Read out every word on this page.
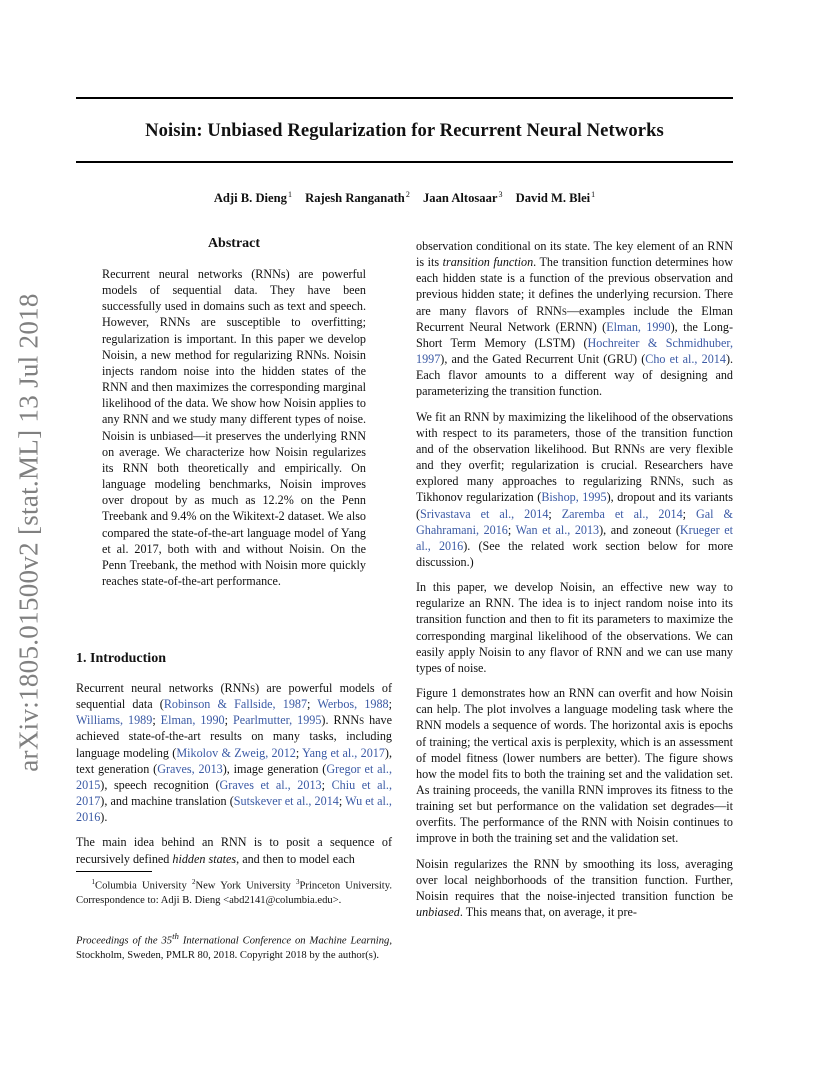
arXiv:1805.01500v2 [stat.ML] 13 Jul 2018
Noisin: Unbiased Regularization for Recurrent Neural Networks
Adji B. Dieng$^1$ Rajesh Ranganath$^2$ Jaan Altosaar$^3$ David M. Blei$^1$
Abstract
Recurrent neural networks (RNNs) are powerful models of sequential data. They have been successfully used in domains such as text and speech. However, RNNs are susceptible to overfitting; regularization is important. In this paper we develop Noisin, a new method for regularizing RNNs. Noisin injects random noise into the hidden states of the RNN and then maximizes the corresponding marginal likelihood of the data. We show how Noisin applies to any RNN and we study many different types of noise. Noisin is unbiased—it preserves the underlying RNN on average. We characterize how Noisin regularizes its RNN both theoretically and empirically. On language modeling benchmarks, Noisin improves over dropout by as much as 12.2% on the Penn Treebank and 9.4% on the Wikitext-2 dataset. We also compared the state-of-the-art language model of Yang et al. 2017, both with and without Noisin. On the Penn Treebank, the method with Noisin more quickly reaches state-of-the-art performance.
1. Introduction

Recurrent neural networks (RNNs) are powerful models of sequential data (Robinson & Fallside, 1987; Werbos, 1988; Williams, 1989; Elman, 1990; Pearlmutter, 1995). RNNs have achieved state-of-the-art results on many tasks, including language modeling (Mikolov & Zweig, 2012; Yang et al., 2017), text generation (Graves, 2013), image generation (Gregor et al., 2015), speech recognition (Graves et al., 2013; Chiu et al., 2017), and machine translation (Sutskever et al., 2014; Wu et al., 2016).

The main idea behind an RNN is to posit a sequence of recursively defined hidden states, and then to model each

$^1$Columbia University $^2$New York University $^3$Princeton University. Correspondence to: Adji B. Dieng <abd2141@columbia.edu>.
Proceedings of the 35th International Conference on Machine Learning, Stockholm, Sweden, PMLR 80, 2018. Copyright 2018 by the author(s).

observation conditional on its state. The key element of an RNN is its transition function. The transition function determines how each hidden state is a function of the previous observation and previous hidden state; it defines the underlying recursion. There are many flavors of RNNs—examples include the Elman Recurrent Neural Network (ERNN) (Elman, 1990), the Long-Short Term Memory (LSTM) (Hochreiter & Schmidhuber, 1997), and the Gated Recurrent Unit (GRU) (Cho et al., 2014). Each flavor amounts to a different way of designing and parameterizing the transition function.

We fit an RNN by maximizing the likelihood of the observations with respect to its parameters, those of the transition function and of the observation likelihood. But RNNs are very flexible and they overfit; regularization is crucial. Researchers have explored many approaches to regularizing RNNs, such as Tikhonov regularization (Bishop, 1995), dropout and its variants (Srivastava et al., 2014; Zaremba et al., 2014; Gal & Ghahramani, 2016; Wan et al., 2013), and zoneout (Krueger et al., 2016). (See the related work section below for more discussion.)

In this paper, we develop Noisin, an effective new way to regularize an RNN. The idea is to inject random noise into its transition function and then to fit its parameters to maximize the corresponding marginal likelihood of the observations. We can easily apply Noisin to any flavor of RNN and we can use many types of noise.

Figure 1 demonstrates how an RNN can overfit and how Noisin can help. The plot involves a language modeling task where the RNN models a sequence of words. The horizontal axis is epochs of training; the vertical axis is perplexity, which is an assessment of model fitness (lower numbers are better). The figure shows how the model fits to both the training set and the validation set. As training proceeds, the vanilla RNN improves its fitness to the training set but performance on the validation set degrades—it overfits. The performance of the RNN with Noisin continues to improve in both the training set and the validation set.

Noisin regularizes the RNN by smoothing its loss, averaging over local neighborhoods of the transition function. Further, Noisin requires that the noise-injected transition function be unbiased. This means that, on average, it pre-
